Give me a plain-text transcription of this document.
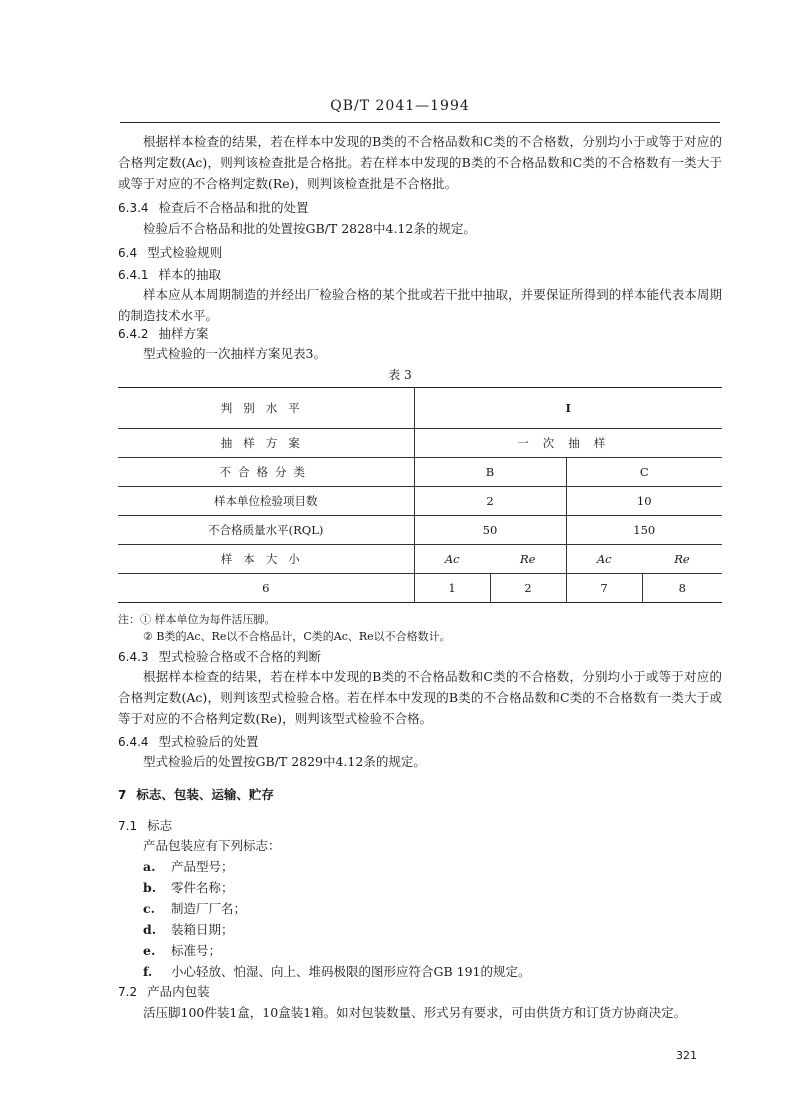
QB/T 2041—1994

根据样本检查的结果，若在样本中发现的B类的不合格品数和C类的不合格数，分别均小于或等于对应的合格判定数(Ac)，则判该检查批是合格批。若在样本中发现的B类的不合格品数和C类的不合格数有一类大于或等于对应的不合格判定数(Re)，则判该检查批是不合格批。

6.3.4 检查后不合格品和批的处置

检验后不合格品和批的处置按GB/T 2828中4.12条的规定。

6.4 型式检验规则
6.4.1 样本的抽取

样本应从本周期制造的并经出厂检验合格的某个批或若干批中抽取，并要保证所得到的样本能代表本周期的制造技术水平。

6.4.2 抽样方案

型式检验的一次抽样方案见表3。

表 3
判别水平	I			
抽样方案	一次抽样			
不合格分类	B		C	
样本单位检验项目数	2		10	
不合格质量水平(RQL)	50		150	
样本大小	Ac	Re	Ac	Re
6	1	2	7	8
注：① 样本单位为每件活压脚。
② B类的Ac、Re以不合格品计，C类的Ac、Re以不合格数计。
6.4.3 型式检验合格或不合格的判断

根据样本检查的结果，若在样本中发现的B类的不合格品数和C类的不合格数，分别均小于或等于对应的合格判定数(Ac)，则判该型式检验合格。若在样本中发现的B类的不合格品数和C类的不合格数有一类大于或等于对应的不合格判定数(Re)，则判该型式检验不合格。

6.4.4 型式检验后的处置

型式检验后的处置按GB/T 2829中4.12条的规定。

7 标志、包装、运输、贮存
7.1 标志

产品包装应有下列标志：

a. 产品型号；
b. 零件名称；
c. 制造厂厂名；
d. 装箱日期；
e. 标准号；
f. 小心轻放、怕湿、向上、堆码极限的图形应符合GB 191的规定。
7.2 产品内包装

活压脚100件装1盒，10盒装1箱。如对包装数量、形式另有要求，可由供货方和订货方协商决定。

321
